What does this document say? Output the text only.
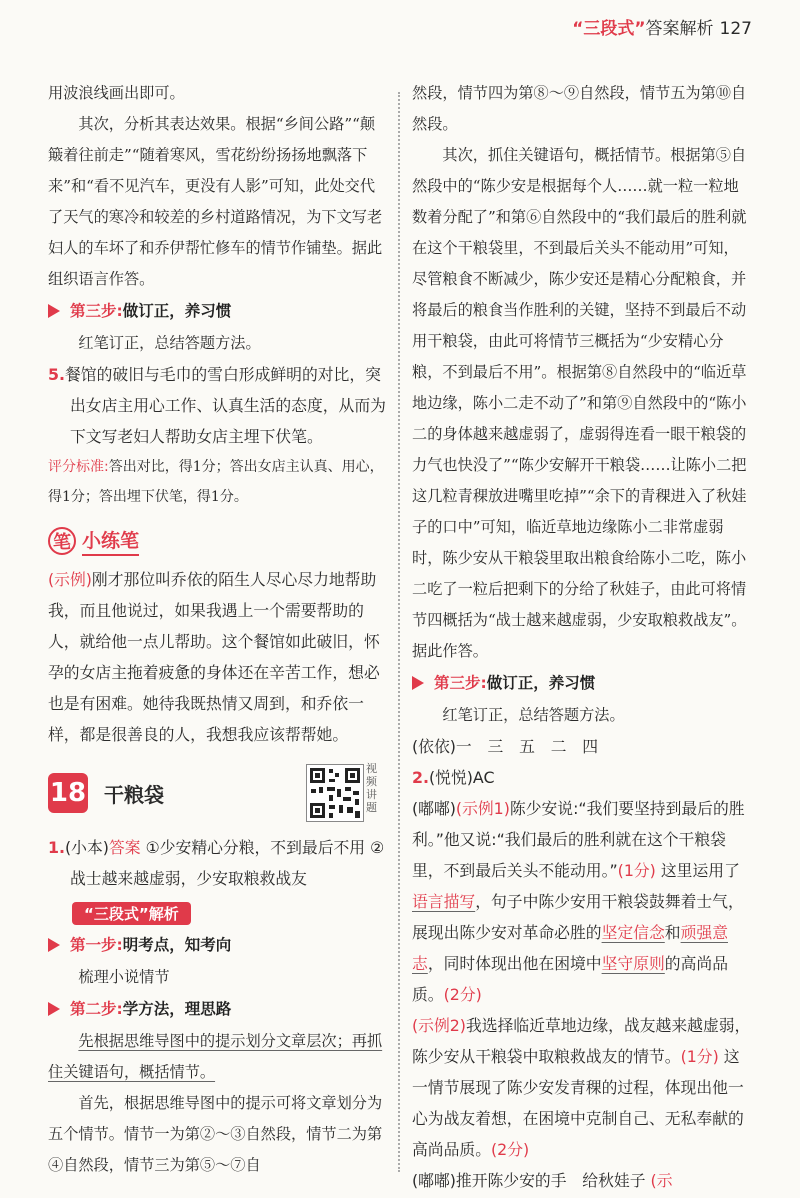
“三段式”答案解析 127

用波浪线画出即可。

其次，分析其表达效果。根据“乡间公路”“颠簸着往前走”“随着寒风，雪花纷纷扬扬地飘落下来”和“看不见汽车，更没有人影”可知，此处交代了天气的寒冷和较差的乡村道路情况，为下文写老妇人的车坏了和乔伊帮忙修车的情节作铺垫。据此组织语言作答。

第三步:做订正，养习惯

红笔订正，总结答题方法。

5.餐馆的破旧与毛巾的雪白形成鲜明的对比，突出女店主用心工作、认真生活的态度，从而为下文写老妇人帮助女店主埋下伏笔。

评分标准:答出对比，得1分；答出女店主认真、用心，得1分；答出埋下伏笔，得1分。

笔 小练笔

(示例)刚才那位叫乔依的陌生人尽心尽力地帮助我，而且他说过，如果我遇上一个需要帮助的人，就给他一点儿帮助。这个餐馆如此破旧，怀孕的女店主拖着疲惫的身体还在辛苦工作，想必也是有困难。她待我既热情又周到，和乔依一样，都是很善良的人，我想我应该帮帮她。

18 干粮袋
视频讲题

1.(小本)答案 ①少安精心分粮，不到最后不用 ②战士越来越虚弱，少安取粮救战友

“三段式”解析
第一步:明考点，知考向

梳理小说情节

第二步:学方法，理思路

先根据思维导图中的提示划分文章层次；再抓住关键语句，概括情节。

首先，根据思维导图中的提示可将文章划分为五个情节。情节一为第②～③自然段，情节二为第④自然段，情节三为第⑤～⑦自

然段，情节四为第⑧～⑨自然段，情节五为第⑩自然段。

其次，抓住关键语句，概括情节。根据第⑤自然段中的“陈少安是根据每个人……就一粒一粒地数着分配了”和第⑥自然段中的“我们最后的胜利就在这个干粮袋里，不到最后关头不能动用”可知，尽管粮食不断减少，陈少安还是精心分配粮食，并将最后的粮食当作胜利的关键，坚持不到最后不动用干粮袋，由此可将情节三概括为“少安精心分粮，不到最后不用”。根据第⑧自然段中的“临近草地边缘，陈小二走不动了”和第⑨自然段中的“陈小二的身体越来越虚弱了，虚弱得连看一眼干粮袋的力气也快没了”“陈少安解开干粮袋……让陈小二把这几粒青稞放进嘴里吃掉”“余下的青稞进入了秋娃子的口中”可知，临近草地边缘陈小二非常虚弱时，陈少安从干粮袋里取出粮食给陈小二吃，陈小二吃了一粒后把剩下的分给了秋娃子，由此可将情节四概括为“战士越来越虚弱，少安取粮救战友”。据此作答。

第三步:做订正，养习惯

红笔订正，总结答题方法。

(依依)一　三　五　二　四

2.(悦悦)AC

(嘟嘟)(示例1)陈少安说:“我们要坚持到最后的胜利。”他又说:“我们最后的胜利就在这个干粮袋里，不到最后关头不能动用。”(1分) 这里运用了语言描写，句子中陈少安用干粮袋鼓舞着士气，展现出陈少安对革命必胜的坚定信念和顽强意志，同时体现出他在困境中坚守原则的高尚品质。(2分)

(示例2)我选择临近草地边缘，战友越来越虚弱，陈少安从干粮袋中取粮救战友的情节。(1分) 这一情节展现了陈少安发青稞的过程，体现出他一心为战友着想，在困境中克制自己、无私奉献的高尚品质。(2分)

(嘟嘟)推开陈少安的手　给秋娃子 (示
